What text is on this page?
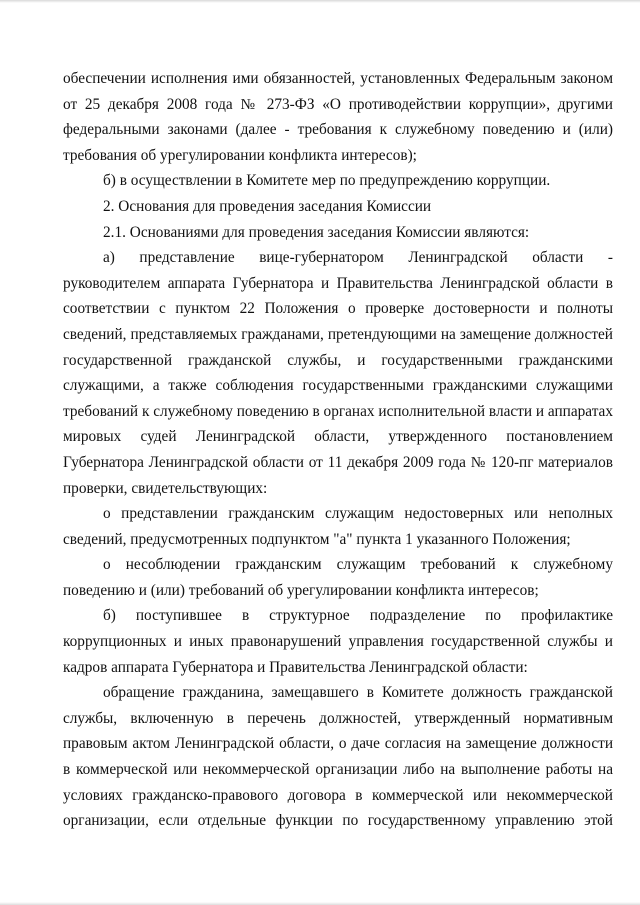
обеспечении исполнения ими обязанностей, установленных Федеральным законом
от 25 декабря 2008 года № 273-ФЗ «О противодействии коррупции», другими
федеральными законами (далее - требования к служебному поведению и (или)
требования об урегулировании конфликта интересов);
б) в осуществлении в Комитете мер по предупреждению коррупции.
2. Основания для проведения заседания Комиссии
2.1. Основаниями для проведения заседания Комиссии являются:
а) представление вице-губернатором Ленинградской области -
руководителем аппарата Губернатора и Правительства Ленинградской области в
соответствии с пунктом 22 Положения о проверке достоверности и полноты
сведений, представляемых гражданами, претендующими на замещение должностей
государственной гражданской службы, и государственными гражданскими
служащими, а также соблюдения государственными гражданскими служащими
требований к служебному поведению в органах исполнительной власти и аппаратах
мировых судей Ленинградской области, утвержденного постановлением
Губернатора Ленинградской области от 11 декабря 2009 года № 120-пг материалов
проверки, свидетельствующих:
о представлении гражданским служащим недостоверных или неполных
сведений, предусмотренных подпунктом "а" пункта 1 указанного Положения;
о несоблюдении гражданским служащим требований к служебному
поведению и (или) требований об урегулировании конфликта интересов;
б) поступившее в структурное подразделение по профилактике
коррупционных и иных правонарушений управления государственной службы и
кадров аппарата Губернатора и Правительства Ленинградской области:
обращение гражданина, замещавшего в Комитете должность гражданской
службы, включенную в перечень должностей, утвержденный нормативным
правовым актом Ленинградской области, о даче согласия на замещение должности
в коммерческой или некоммерческой организации либо на выполнение работы на
условиях гражданско-правового договора в коммерческой или некоммерческой
организации, если отдельные функции по государственному управлению этой
